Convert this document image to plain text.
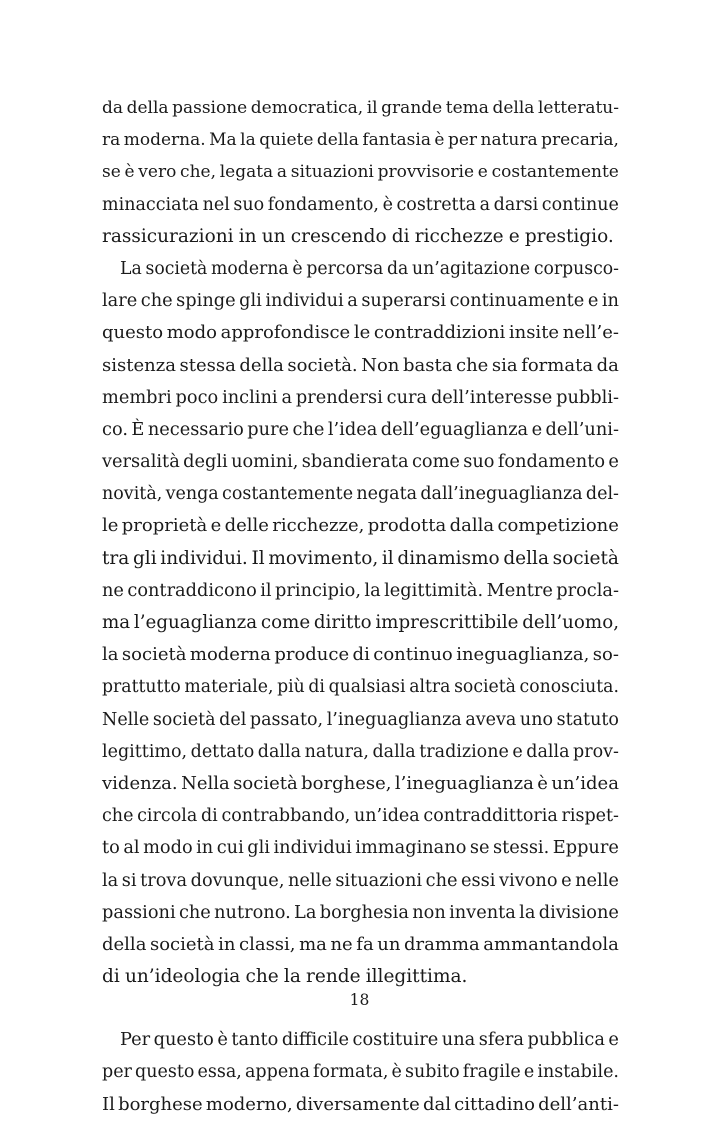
da della passione democratica, il grande tema della letteratu-
ra moderna. Ma la quiete della fantasia è per natura precaria,
se è vero che, legata a situazioni provvisorie e costantemente
minacciata nel suo fondamento, è costretta a darsi continue
rassicurazioni in un crescendo di ricchezze e prestigio.
La società moderna è percorsa da un’agitazione corpusco-
lare che spinge gli individui a superarsi continuamente e in
questo modo approfondisce le contraddizioni insite nell’e-
sistenza stessa della società. Non basta che sia formata da
membri poco inclini a prendersi cura dell’interesse pubbli-
co. È necessario pure che l’idea dell’eguaglianza e dell’uni-
versalità degli uomini, sbandierata come suo fondamento e
novità, venga costantemente negata dall’ineguaglianza del-
le proprietà e delle ricchezze, prodotta dalla competizione
tra gli individui. Il movimento, il dinamismo della società
ne contraddicono il principio, la legittimità. Mentre procla-
ma l’eguaglianza come diritto imprescrittibile dell’uomo,
la società moderna produce di continuo ineguaglianza, so-
prattutto materiale, più di qualsiasi altra società conosciuta.
Nelle società del passato, l’ineguaglianza aveva uno statuto
legittimo, dettato dalla natura, dalla tradizione e dalla prov-
videnza. Nella società borghese, l’ineguaglianza è un’idea
che circola di contrabbando, un’idea contraddittoria rispet-
to al modo in cui gli individui immaginano se stessi. Eppure
la si trova dovunque, nelle situazioni che essi vivono e nelle
passioni che nutrono. La borghesia non inventa la divisione
della società in classi, ma ne fa un dramma ammantandola
di un’ideologia che la rende illegittima.
Per questo è tanto difficile costituire una sfera pubblica e
per questo essa, appena formata, è subito fragile e instabile.
Il borghese moderno, diversamente dal cittadino dell’anti-
18
